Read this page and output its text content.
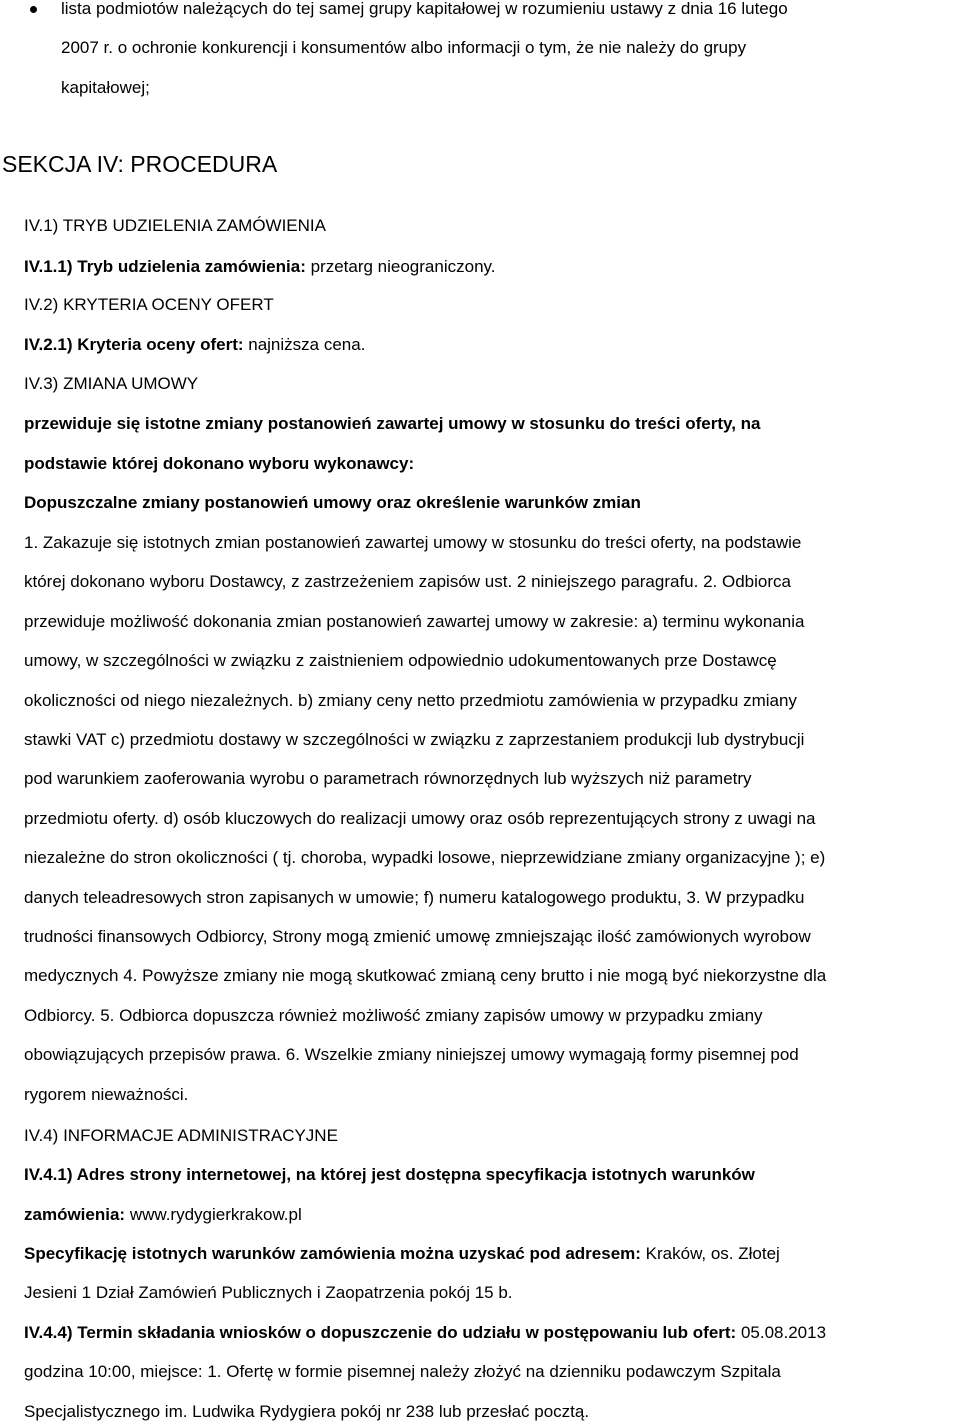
lista podmiotów należących do tej samej grupy kapitałowej w rozumieniu ustawy z dnia 16 lutego

2007 r. o ochronie konkurencji i konsumentów albo informacji o tym, że nie należy do grupy

kapitałowej;

SEKCJA IV: PROCEDURA

IV.1) TRYB UDZIELENIA ZAMÓWIENIA

IV.1.1) Tryb udzielenia zamówienia: przetarg nieograniczony.

IV.2) KRYTERIA OCENY OFERT

IV.2.1) Kryteria oceny ofert: najniższa cena.

IV.3) ZMIANA UMOWY

przewiduje się istotne zmiany postanowień zawartej umowy w stosunku do treści oferty, na

podstawie której dokonano wyboru wykonawcy:

Dopuszczalne zmiany postanowień umowy oraz określenie warunków zmian

1. Zakazuje się istotnych zmian postanowień zawartej umowy w stosunku do treści oferty, na podstawie

której dokonano wyboru Dostawcy, z zastrzeżeniem zapisów ust. 2 niniejszego paragrafu. 2. Odbiorca

przewiduje możliwość dokonania zmian postanowień zawartej umowy w zakresie: a) terminu wykonania

umowy, w szczególności w związku z zaistnieniem odpowiednio udokumentowanych prze Dostawcę

okoliczności od niego niezależnych. b) zmiany ceny netto przedmiotu zamówienia w przypadku zmiany

stawki VAT c) przedmiotu dostawy w szczególności w związku z zaprzestaniem produkcji lub dystrybucji

pod warunkiem zaoferowania wyrobu o parametrach równorzędnych lub wyższych niż parametry

przedmiotu oferty. d) osób kluczowych do realizacji umowy oraz osób reprezentujących strony z uwagi na

niezależne do stron okoliczności ( tj. choroba, wypadki losowe, nieprzewidziane zmiany organizacyjne ); e)

danych teleadresowych stron zapisanych w umowie; f) numeru katalogowego produktu, 3. W przypadku

trudności finansowych Odbiorcy, Strony mogą zmienić umowę zmniejszając ilość zamówionych wyrobow

medycznych 4. Powyższe zmiany nie mogą skutkować zmianą ceny brutto i nie mogą być niekorzystne dla

Odbiorcy. 5. Odbiorca dopuszcza również możliwość zmiany zapisów umowy w przypadku zmiany

obowiązujących przepisów prawa. 6. Wszelkie zmiany niniejszej umowy wymagają formy pisemnej pod

rygorem nieważności.

IV.4) INFORMACJE ADMINISTRACYJNE

IV.4.1) Adres strony internetowej, na której jest dostępna specyfikacja istotnych warunków

zamówienia: www.rydygierkrakow.pl

Specyfikację istotnych warunków zamówienia można uzyskać pod adresem: Kraków, os. Złotej

Jesieni 1 Dział Zamówień Publicznych i Zaopatrzenia pokój 15 b.

IV.4.4) Termin składania wniosków o dopuszczenie do udziału w postępowaniu lub ofert: 05.08.2013

godzina 10:00, miejsce: 1. Ofertę w formie pisemnej należy złożyć na dzienniku podawczym Szpitala

Specjalistycznego im. Ludwika Rydygiera pokój nr 238 lub przesłać pocztą.
